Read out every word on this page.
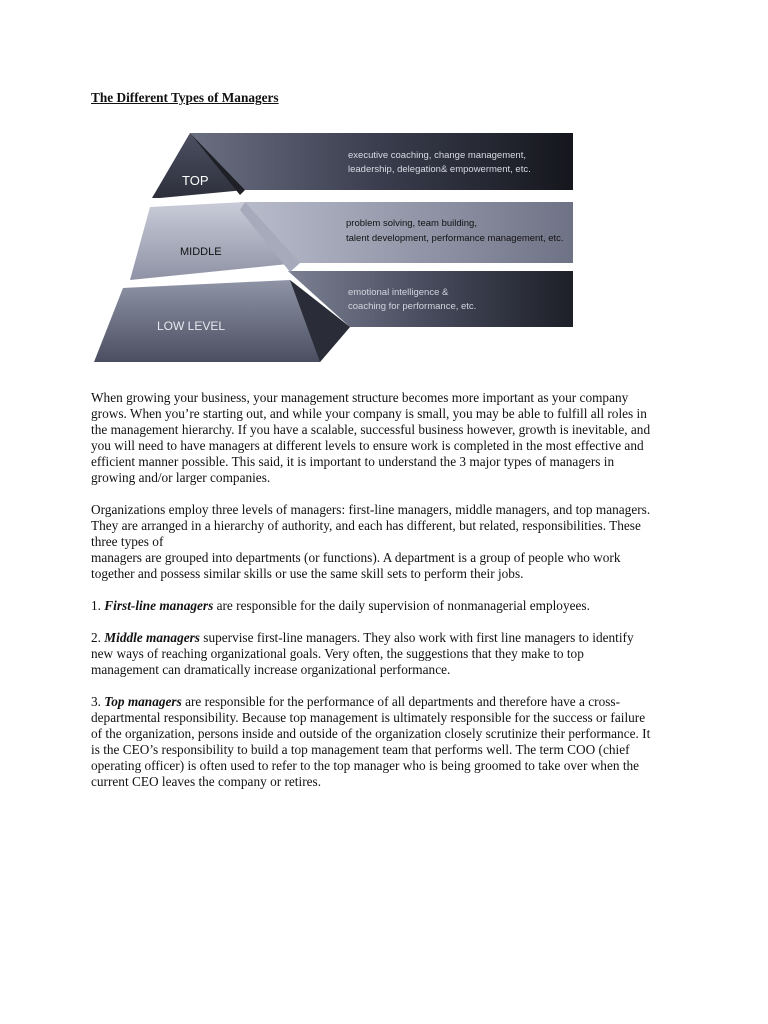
The Different Types of Managers
TOP
MIDDLE
LOW LEVEL
executive coaching, change management,
leadership, delegation& empowerment, etc.
problem solving, team building,
talent development, performance management, etc.
emotional intelligence &
coaching for performance, etc.

When growing your business, your management structure becomes more important as your company
grows. When you’re starting out, and while your company is small, you may be able to fulfill all roles in
the management hierarchy. If you have a scalable, successful business however, growth is inevitable, and
you will need to have managers at different levels to ensure work is completed in the most effective and
efficient manner possible. This said, it is important to understand the 3 major types of managers in
growing and/or larger companies.

Organizations employ three levels of managers: first-line managers, middle managers, and top managers.
They are arranged in a hierarchy of authority, and each has different, but related, responsibilities. These
three types of
managers are grouped into departments (or functions). A department is a group of people who work
together and possess similar skills or use the same skill sets to perform their jobs.

1. First-line managers are responsible for the daily supervision of nonmanagerial employees.

2. Middle managers supervise first-line managers. They also work with first line managers to identify
new ways of reaching organizational goals. Very often, the suggestions that they make to top
management can dramatically increase organizational performance.

3. Top managers are responsible for the performance of all departments and therefore have a cross-
departmental responsibility. Because top management is ultimately responsible for the success or failure
of the organization, persons inside and outside of the organization closely scrutinize their performance. It
is the CEO’s responsibility to build a top management team that performs well. The term COO (chief
operating officer) is often used to refer to the top manager who is being groomed to take over when the
current CEO leaves the company or retires.
